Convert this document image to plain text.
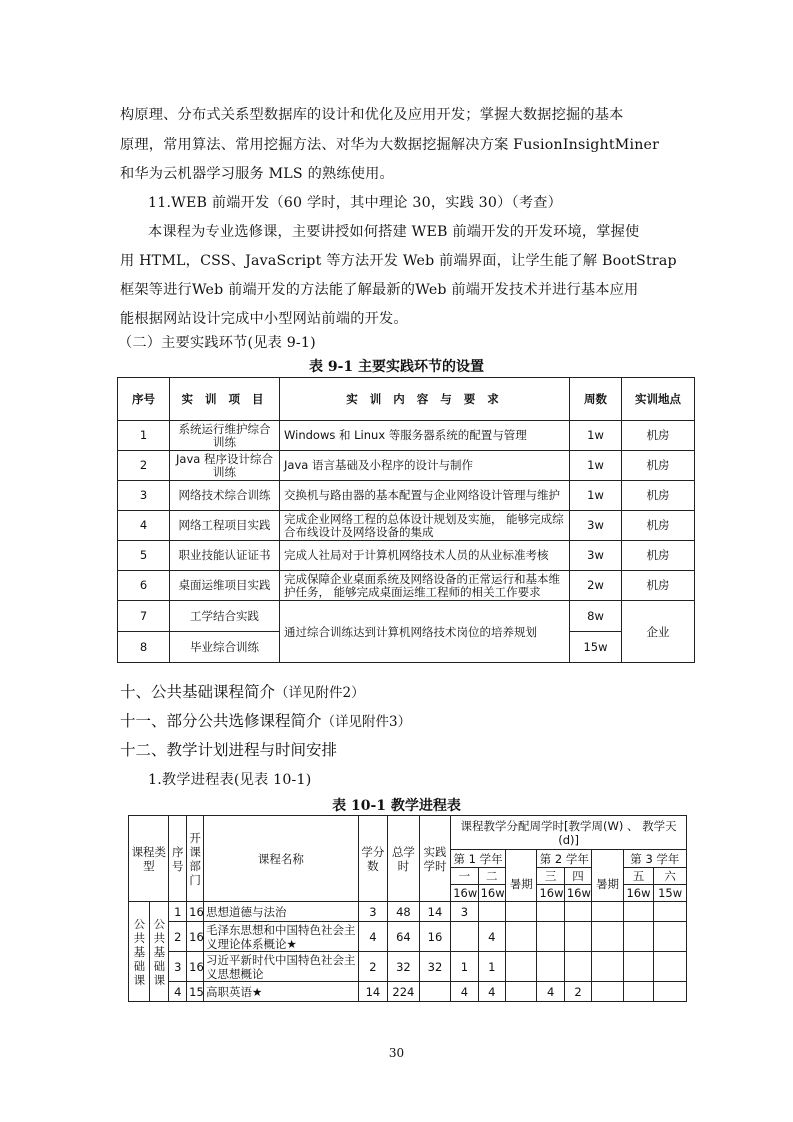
构原理、分布式关系型数据库的设计和优化及应用开发；掌握大数据挖掘的基本
原理，常用算法、常用挖掘方法、对华为大数据挖掘解决方案 FusionInsightMiner
和华为云机器学习服务 MLS 的熟练使用。
11.WEB 前端开发（60 学时，其中理论 30，实践 30）（考查）
本课程为专业选修课，主要讲授如何搭建 WEB 前端开发的开发环境，掌握使
用 HTML，CSS、JavaScript 等方法开发 Web 前端界面，让学生能了解 BootStrap
框架等进行Web 前端开发的方法能了解最新的Web 前端开发技术并进行基本应用
能根据网站设计完成中小型网站前端的开发。
（二）主要实践环节(见表 9-1)
表 9-1 主要实践环节的设置
序号	实 训 项 目	实 训 内 容 与 要 求	周数	实训地点
1	系统运行维护综合训练	Windows 和 Linux 等服务器系统的配置与管理	1w	机房
2	Java 程序设计综合训练	Java 语言基础及小程序的设计与制作	1w	机房
3	网络技术综合训练	交换机与路由器的基本配置与企业网络设计管理与维护	1w	机房
4	网络工程项目实践	完成企业网络工程的总体设计规划及实施， 能够完成综合布线设计及网络设备的集成	3w	机房
5	职业技能认证证书	完成人社局对于计算机网络技术人员的从业标准考核	3w	机房
6	桌面运维项目实践	完成保障企业桌面系统及网络设备的正常运行和基本维护任务， 能够完成桌面运维工程师的相关工作要求	2w	机房
7	工学结合实践	通过综合训练达到计算机网络技术岗位的培养规划	8w	企业
8	毕业综合训练		15w	
十、公共基础课程简介（详见附件2）
十一、部分公共选修课程简介（详见附件3）
十二、教学计划进程与时间安排
1.教学进程表(见表 10-1)
表 10-1 教学进程表
	课程类型		序号	开课部门	课程名称	学分数	总学时	实践学时	课程教学分配周学时[教学周(W) 、 教学天(d)]							
									第 1 学年			第 2 学年			第 3 学年	
									一	二	暑期	三	四	暑期	五	六
									16w	16w		16w	16w		16w	15w
	公共基础课	公共基础课	1	16	思想道德与法治	3	48	14	3							
			2	16	毛泽东思想和中国特色社会主义理论体系概论★	4	64	16		4						
			3	16	习近平新时代中国特色社会主义思想概论	2	32	32	1	1						
			4	15	高职英语★	14	224		4	4		4	2			
30
